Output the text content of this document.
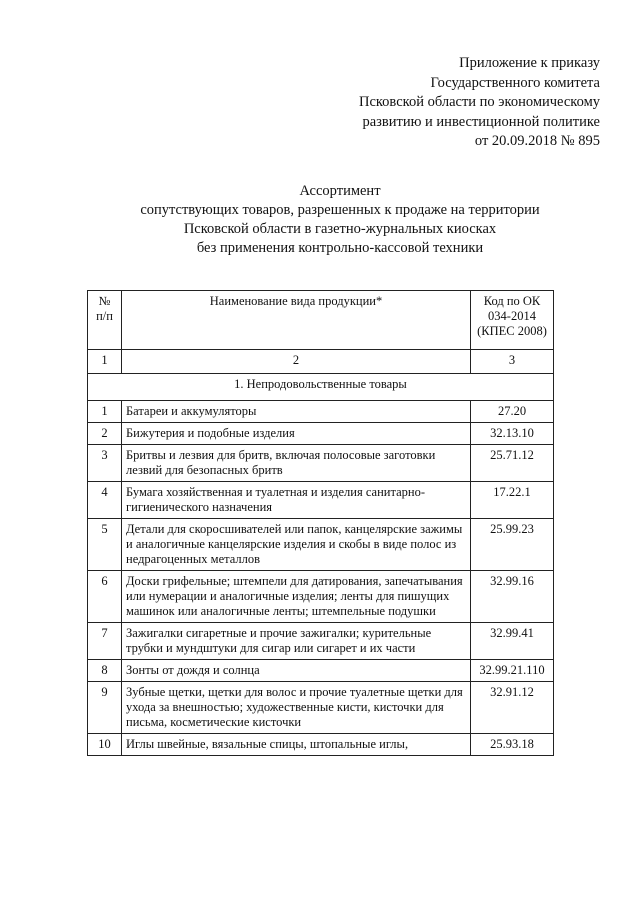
Приложение к приказу
Государственного комитета
Псковской области по экономическому
развитию и инвестиционной политике
от 20.09.2018 № 895
Ассортимент
сопутствующих товаров, разрешенных к продаже на территории
Псковской области в газетно-журнальных киосках
без применения контрольно-кассовой техники
№ п/п	Наименование вида продукции*	Код по ОК 034-2014 (КПЕС 2008)
1	2	3
1. Непродовольственные товары		
1	Батареи и аккумуляторы	27.20
2	Бижутерия и подобные изделия	32.13.10
3	Бритвы и лезвия для бритв, включая полосовые заготовки лезвий для безопасных бритв	25.71.12
4	Бумага хозяйственная и туалетная и изделия санитарно-гигиенического назначения	17.22.1
5	Детали для скоросшивателей или папок, канцелярские зажимы и аналогичные канцелярские изделия и скобы в виде полос из недрагоценных металлов	25.99.23
6	Доски грифельные; штемпели для датирования, запечатывания или нумерации и аналогичные изделия; ленты для пишущих машинок или аналогичные ленты; штемпельные подушки	32.99.16
7	Зажигалки сигаретные и прочие зажигалки; курительные трубки и мундштуки для сигар или сигарет и их части	32.99.41
8	Зонты от дождя и солнца	32.99.21.110
9	Зубные щетки, щетки для волос и прочие туалетные щетки для ухода за внешностью; художественные кисти, кисточки для письма, косметические кисточки	32.91.12
10	Иглы швейные, вязальные спицы, штопальные иглы,	25.93.18
